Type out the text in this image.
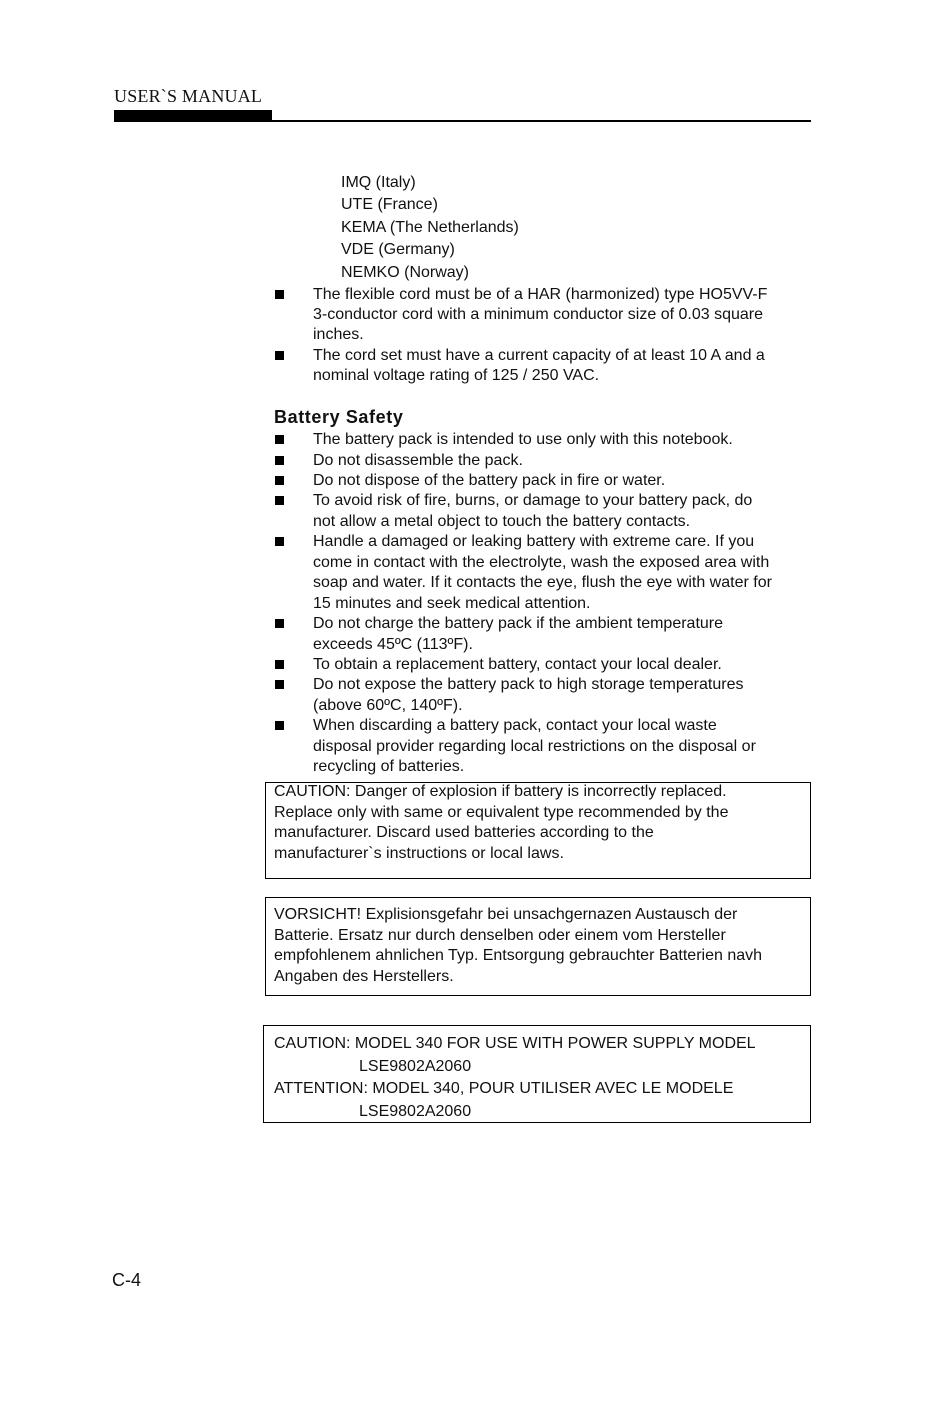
USER`S MANUAL
IMQ (Italy)
UTE (France)
KEMA (The Netherlands)
VDE (Germany)
NEMKO (Norway)
The flexible cord must be of a HAR (harmonized) type HO5VV-F
3-conductor cord with a minimum conductor size of 0.03 square
inches.
The cord set must have a current capacity of at least 10 A and a
nominal voltage rating of 125 / 250 VAC.
Battery Safety
The battery pack is intended to use only with this notebook.
Do not disassemble the pack.
Do not dispose of the battery pack in fire or water.
To avoid risk of fire, burns, or damage to your battery pack, do
not allow a metal object to touch the battery contacts.
Handle a damaged or leaking battery with extreme care. If you
come in contact with the electrolyte, wash the exposed area with
soap and water. If it contacts the eye, flush the eye with water for
15 minutes and seek medical attention.
Do not charge the battery pack if the ambient temperature
exceeds 45ºC (113ºF).
To obtain a replacement battery, contact your local dealer.
Do not expose the battery pack to high storage temperatures
(above 60ºC, 140ºF).
When discarding a battery pack, contact your local waste
disposal provider regarding local restrictions on the disposal or
recycling of batteries.
CAUTION: Danger of explosion if battery is incorrectly replaced.
Replace only with same or equivalent type recommended by the
manufacturer. Discard used batteries according to the
manufacturer`s instructions or local laws.
VORSICHT! Explisionsgefahr bei unsachgernazen Austausch der
Batterie. Ersatz nur durch denselben oder einem vom Hersteller
empfohlenem ahnlichen Typ. Entsorgung gebrauchter Batterien navh
Angaben des Herstellers.
CAUTION: MODEL 340 FOR USE WITH POWER SUPPLY MODEL
LSE9802A2060
ATTENTION: MODEL 340, POUR UTILISER AVEC LE MODELE
LSE9802A2060
C-4
